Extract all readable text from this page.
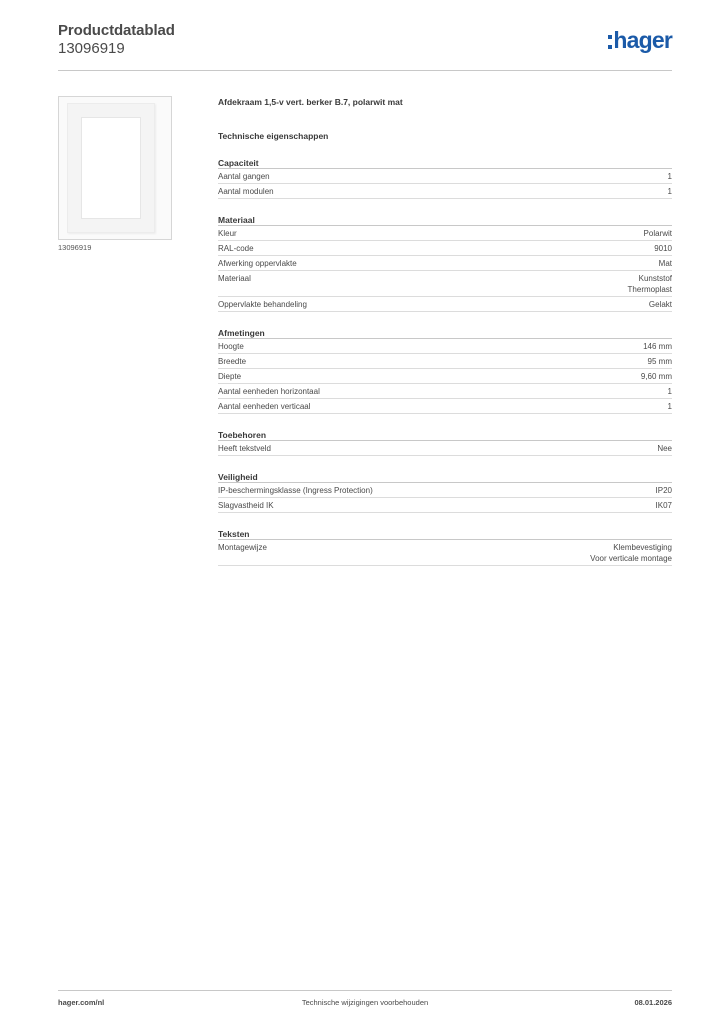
Productdatablad
13096919	hager
13096919
Afdekraam 1,5-v vert. berker B.7, polarwit mat
Technische eigenschappen
Capaciteit
Aantal gangen	1
Aantal modulen	1
Materiaal
Kleur	Polarwit
RAL-code	9010
Afwerking oppervlakte	Mat
Materiaal	Kunststof
Thermoplast
Oppervlakte behandeling	Gelakt
Afmetingen
Hoogte	146 mm
Breedte	95 mm
Diepte	9,60 mm
Aantal eenheden horizontaal	1
Aantal eenheden verticaal	1
Toebehoren
Heeft tekstveld	Nee
Veiligheid
IP-beschermingsklasse (Ingress Protection)	IP20
Slagvastheid IK	IK07
Teksten
Montagewijze	Klembevestiging
Voor verticale montage
hager.com/nl	Technische wijzigingen voorbehouden	08.01.2026
